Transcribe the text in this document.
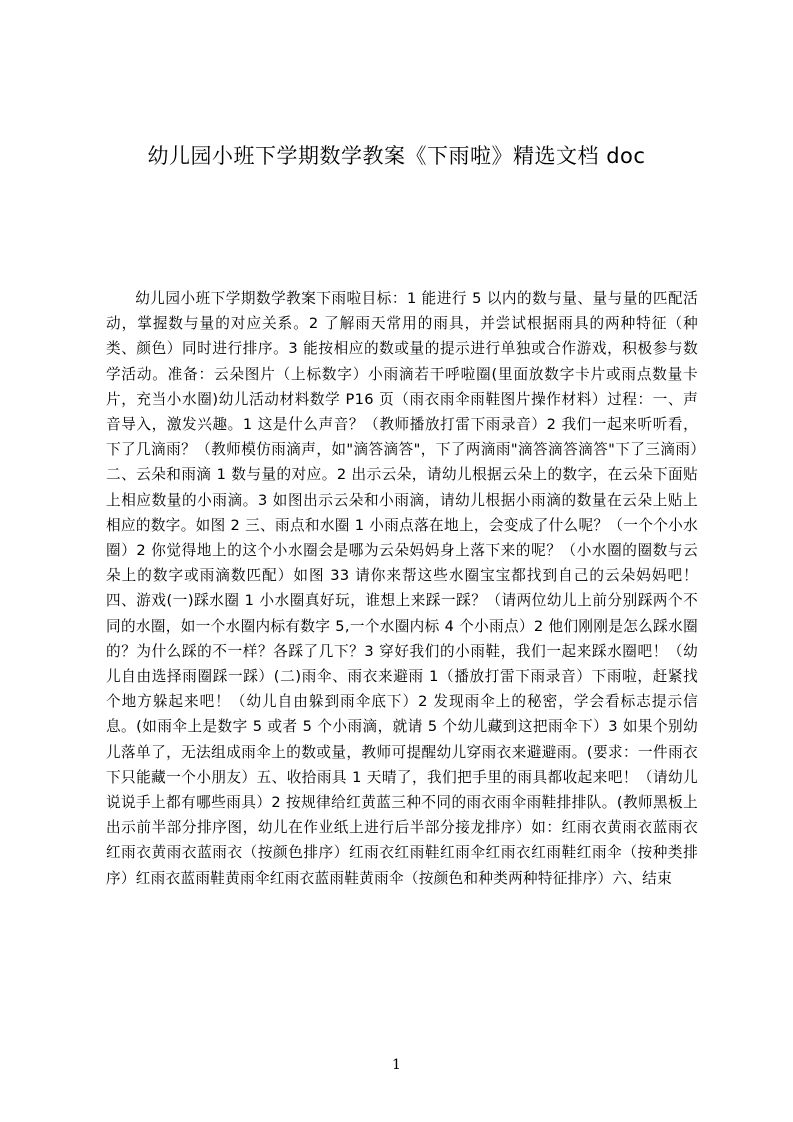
幼儿园小班下学期数学教案《下雨啦》精选文档 doc

幼儿园小班下学期数学教案下雨啦目标：1 能进行 5 以内的数与量、量与量的匹配活动，掌握数与量的对应关系。2 了解雨天常用的雨具，并尝试根据雨具的两种特征（种类、颜色）同时进行排序。3 能按相应的数或量的提示进行单独或合作游戏，积极参与数学活动。准备：云朵图片（上标数字）小雨滴若干呼啦圈(里面放数字卡片或雨点数量卡片，充当小水圈)幼儿活动材料数学 P16 页（雨衣雨伞雨鞋图片操作材料）过程：一、声音导入，激发兴趣。1 这是什么声音？（教师播放打雷下雨录音）2 我们一起来听听看，下了几滴雨？（教师模仿雨滴声，如"滴答滴答"，下了两滴雨"滴答滴答滴答"下了三滴雨）二、云朵和雨滴 1 数与量的对应。2 出示云朵，请幼儿根据云朵上的数字，在云朵下面贴上相应数量的小雨滴。3 如图出示云朵和小雨滴，请幼儿根据小雨滴的数量在云朵上贴上相应的数字。如图 2 三、雨点和水圈 1 小雨点落在地上，会变成了什么呢？（一个个小水圈）2 你觉得地上的这个小水圈会是哪为云朵妈妈身上落下来的呢？（小水圈的圈数与云朵上的数字或雨滴数匹配）如图 33 请你来帮这些水圈宝宝都找到自己的云朵妈妈吧！四、游戏(一)踩水圈 1 小水圈真好玩，谁想上来踩一踩？（请两位幼儿上前分别踩两个不同的水圈，如一个水圈内标有数字 5,一个水圈内标 4 个小雨点）2 他们刚刚是怎么踩水圈的？为什么踩的不一样？各踩了几下？3 穿好我们的小雨鞋，我们一起来踩水圈吧！（幼儿自由选择雨圈踩一踩）(二)雨伞、雨衣来避雨 1（播放打雷下雨录音）下雨啦，赶紧找个地方躲起来吧！（幼儿自由躲到雨伞底下）2 发现雨伞上的秘密，学会看标志提示信息。(如雨伞上是数字 5 或者 5 个小雨滴，就请 5 个幼儿藏到这把雨伞下）3 如果个别幼儿落单了，无法组成雨伞上的数或量，教师可提醒幼儿穿雨衣来避避雨。(要求：一件雨衣下只能藏一个小朋友）五、收拾雨具 1 天晴了，我们把手里的雨具都收起来吧！（请幼儿说说手上都有哪些雨具）2 按规律给红黄蓝三种不同的雨衣雨伞雨鞋排排队。(教师黑板上出示前半部分排序图，幼儿在作业纸上进行后半部分接龙排序）如：红雨衣黄雨衣蓝雨衣红雨衣黄雨衣蓝雨衣（按颜色排序）红雨衣红雨鞋红雨伞红雨衣红雨鞋红雨伞（按种类排序）红雨衣蓝雨鞋黄雨伞红雨衣蓝雨鞋黄雨伞（按颜色和种类两种特征排序）六、结束

1
